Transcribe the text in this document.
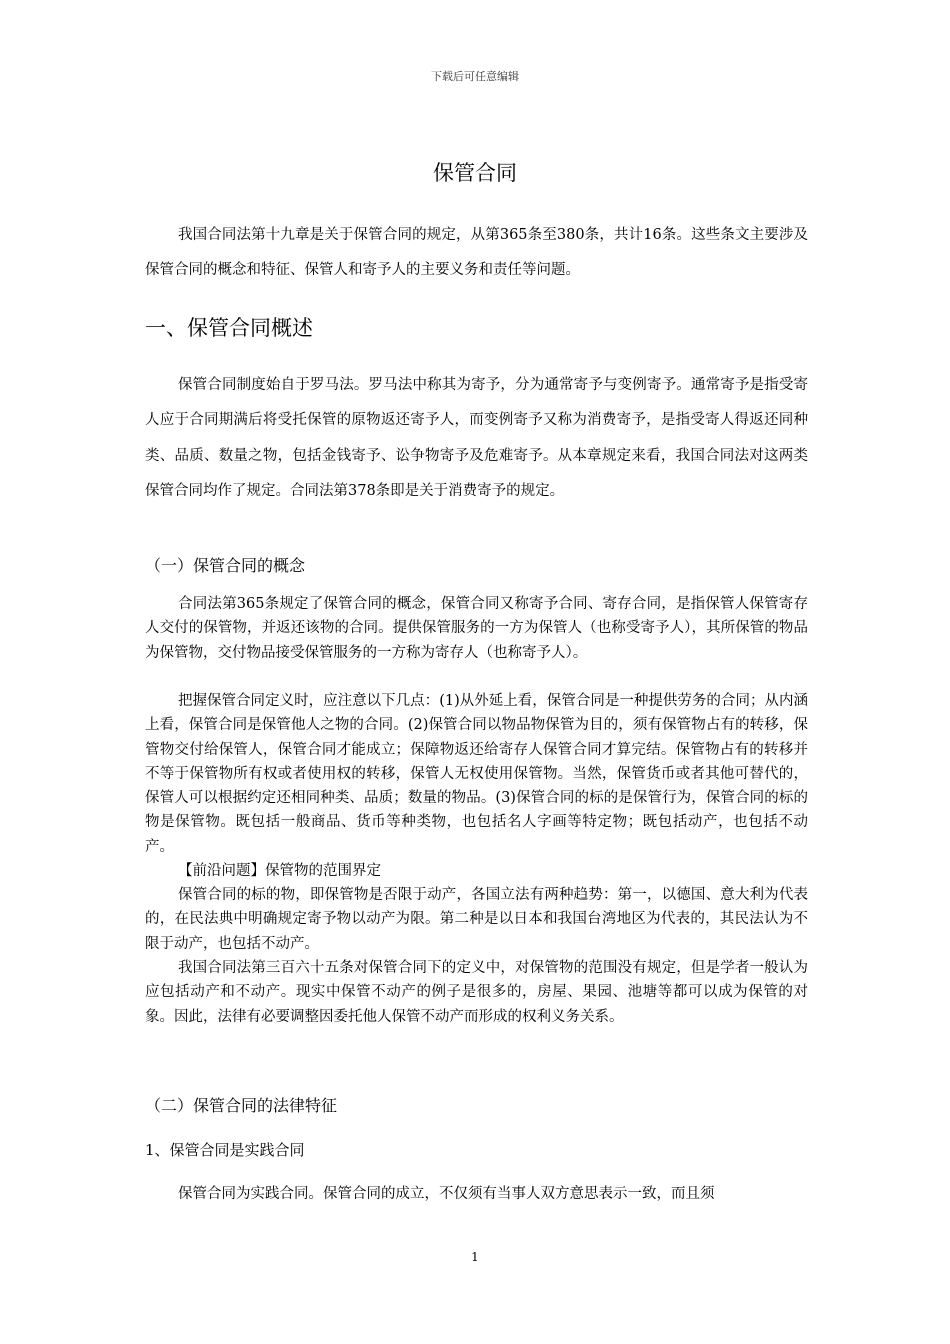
下载后可任意编辑
保管合同

我国合同法第十九章是关于保管合同的规定，从第365条至380条，共计16条。这些条文主要涉及保管合同的概念和特征、保管人和寄予人的主要义务和责任等问题。

一、保管合同概述

保管合同制度始自于罗马法。罗马法中称其为寄予，分为通常寄予与变例寄予。通常寄予是指受寄人应于合同期满后将受托保管的原物返还寄予人，而变例寄予又称为消费寄予，是指受寄人得返还同种类、品质、数量之物，包括金钱寄予、讼争物寄予及危难寄予。从本章规定来看，我国合同法对这两类保管合同均作了规定。合同法第378条即是关于消费寄予的规定。

（一）保管合同的概念

合同法第365条规定了保管合同的概念，保管合同又称寄予合同、寄存合同，是指保管人保管寄存人交付的保管物，并返还该物的合同。提供保管服务的一方为保管人（也称受寄予人），其所保管的物品为保管物，交付物品接受保管服务的一方称为寄存人（也称寄予人）。

把握保管合同定义时，应注意以下几点：(1)从外延上看，保管合同是一种提供劳务的合同；从内涵上看，保管合同是保管他人之物的合同。(2)保管合同以物品物保管为目的，须有保管物占有的转移，保管物交付给保管人，保管合同才能成立；保障物返还给寄存人保管合同才算完结。保管物占有的转移并不等于保管物所有权或者使用权的转移，保管人无权使用保管物。当然，保管货币或者其他可替代的，保管人可以根据约定还相同种类、品质；数量的物品。(3)保管合同的标的是保管行为，保管合同的标的物是保管物。既包括一般商品、货币等种类物，也包括名人字画等特定物；既包括动产，也包括不动产。

【前沿问题】保管物的范围界定

保管合同的标的物，即保管物是否限于动产，各国立法有两种趋势：第一，以德国、意大利为代表的，在民法典中明确规定寄予物以动产为限。第二种是以日本和我国台湾地区为代表的，其民法认为不限于动产，也包括不动产。

我国合同法第三百六十五条对保管合同下的定义中，对保管物的范围没有规定，但是学者一般认为应包括动产和不动产。现实中保管不动产的例子是很多的，房屋、果园、池塘等都可以成为保管的对象。因此，法律有必要调整因委托他人保管不动产而形成的权利义务关系。

（二）保管合同的法律特征

1、保管合同是实践合同

保管合同为实践合同。保管合同的成立，不仅须有当事人双方意思表示一致，而且须

1
